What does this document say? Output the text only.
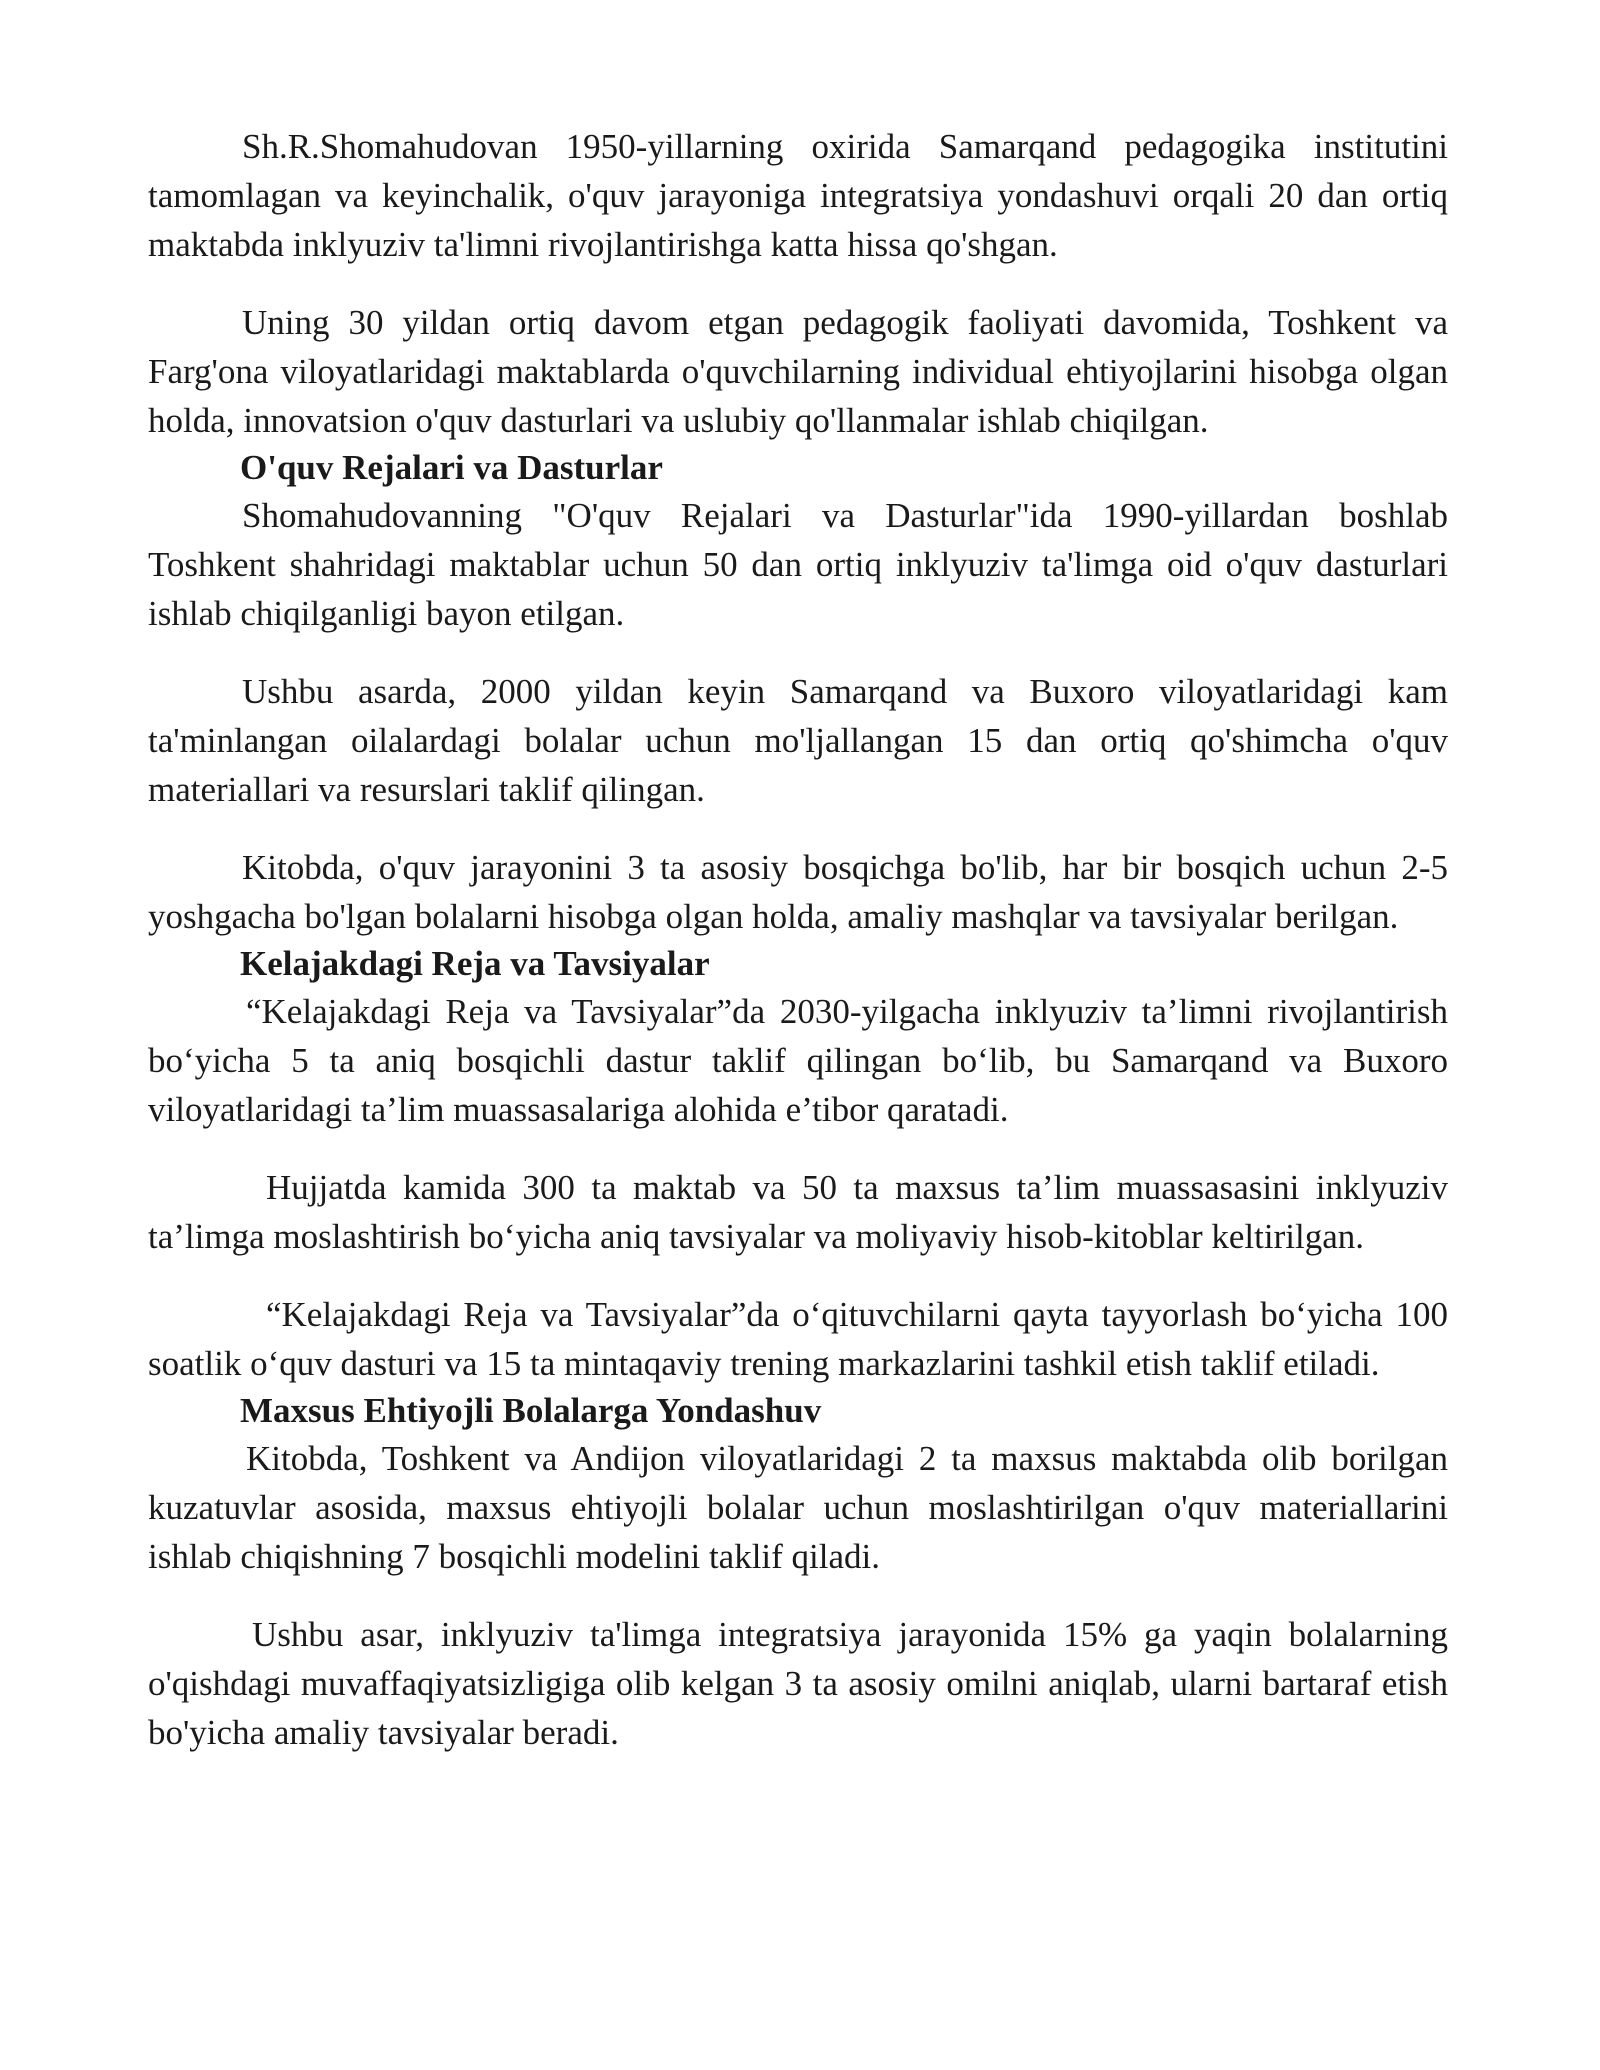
Sh.R.Shomahudovan 1950-yillarning oxirida Samarqand pedagogika institutini tamomlagan va keyinchalik, o'quv jarayoniga integratsiya yondashuvi orqali 20 dan ortiq maktabda inklyuziv ta'limni rivojlantirishga katta hissa qo'shgan.

Uning 30 yildan ortiq davom etgan pedagogik faoliyati davomida, Toshkent va Farg'ona viloyatlaridagi maktablarda o'quvchilarning individual ehtiyojlarini hisobga olgan holda, innovatsion o'quv dasturlari va uslubiy qo'llanmalar ishlab chiqilgan.

O'quv Rejalari va Dasturlar

Shomahudovanning "O'quv Rejalari va Dasturlar"ida 1990-yillardan boshlab Toshkent shahridagi maktablar uchun 50 dan ortiq inklyuziv ta'limga oid o'quv dasturlari ishlab chiqilganligi bayon etilgan.

Ushbu asarda, 2000 yildan keyin Samarqand va Buxoro viloyatlaridagi kam ta'minlangan oilalardagi bolalar uchun mo'ljallangan 15 dan ortiq qo'shimcha o'quv materiallari va resurslari taklif qilingan.

Kitobda, o'quv jarayonini 3 ta asosiy bosqichga bo'lib, har bir bosqich uchun 2-5 yoshgacha bo'lgan bolalarni hisobga olgan holda, amaliy mashqlar va tavsiyalar berilgan.

Kelajakdagi Reja va Tavsiyalar

“Kelajakdagi Reja va Tavsiyalar”da 2030-yilgacha inklyuziv ta’limni rivojlantirish bo‘yicha 5 ta aniq bosqichli dastur taklif qilingan bo‘lib, bu Samarqand va Buxoro viloyatlaridagi ta’lim muassasalariga alohida e’tibor qaratadi.

Hujjatda kamida 300 ta maktab va 50 ta maxsus ta’lim muassasasini inklyuziv ta’limga moslashtirish bo‘yicha aniq tavsiyalar va moliyaviy hisob-kitoblar keltirilgan.

“Kelajakdagi Reja va Tavsiyalar”da o‘qituvchilarni qayta tayyorlash bo‘yicha 100 soatlik o‘quv dasturi va 15 ta mintaqaviy trening markazlarini tashkil etish taklif etiladi.

Maxsus Ehtiyojli Bolalarga Yondashuv

Kitobda, Toshkent va Andijon viloyatlaridagi 2 ta maxsus maktabda olib borilgan kuzatuvlar asosida, maxsus ehtiyojli bolalar uchun moslashtirilgan o'quv materiallarini ishlab chiqishning 7 bosqichli modelini taklif qiladi.

Ushbu asar, inklyuziv ta'limga integratsiya jarayonida 15% ga yaqin bolalarning o'qishdagi muvaffaqiyatsizligiga olib kelgan 3 ta asosiy omilni aniqlab, ularni bartaraf etish bo'yicha amaliy tavsiyalar beradi.
